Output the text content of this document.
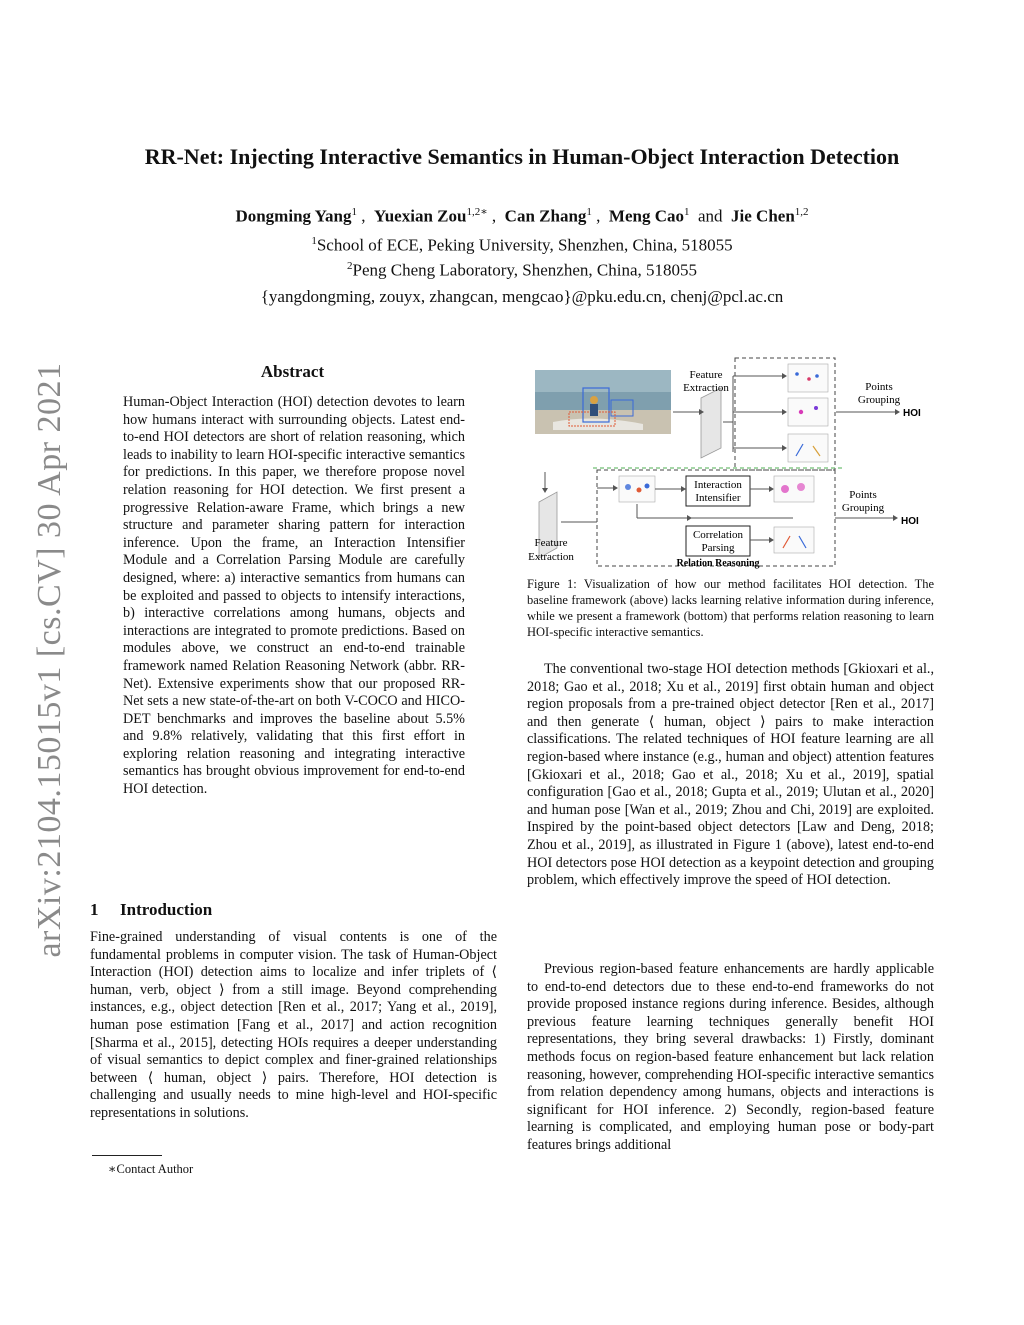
arXiv:2104.15015v1 [cs.CV] 30 Apr 2021
RR-Net: Injecting Interactive Semantics in Human-Object Interaction Detection
Dongming Yang$^1$ , Yuexian Zou$^{1,2∗}$ , Can Zhang$^1$ , Meng Cao$^1$ and Jie Chen$^{1,2}$
$^1$School of ECE, Peking University, Shenzhen, China, 518055
$^2$Peng Cheng Laboratory, Shenzhen, China, 518055
{yangdongming, zouyx, zhangcan, mengcao}@pku.edu.cn, chenj@pcl.ac.cn
Abstract
Human-Object Interaction (HOI) detection devotes to learn how humans interact with surrounding objects. Latest end-to-end HOI detectors are short of relation reasoning, which leads to inability to learn HOI-specific interactive semantics for predictions. In this paper, we therefore propose novel relation reasoning for HOI detection. We first present a progressive Relation-aware Frame, which brings a new structure and parameter sharing pattern for interaction inference. Upon the frame, an Interaction Intensifier Module and a Correlation Parsing Module are carefully designed, where: a) interactive semantics from humans can be exploited and passed to objects to intensify interactions, b) interactive correlations among humans, objects and interactions are integrated to promote predictions. Based on modules above, we construct an end-to-end trainable framework named Relation Reasoning Network (abbr. RR-Net). Extensive experiments show that our proposed RR-Net sets a new state-of-the-art on both V-COCO and HICO-DET benchmarks and improves the baseline about 5.5% and 9.8% relatively, validating that this first effort in exploring relation reasoning and integrating interactive semantics has brought obvious improvement for end-to-end HOI detection.
1 Introduction
Fine-grained understanding of visual contents is one of the fundamental problems in computer vision. The task of Human-Object Interaction (HOI) detection aims to localize and infer triplets of ⟨ human, verb, object ⟩ from a still image. Beyond comprehending instances, e.g., object detection [Ren et al., 2017; Yang et al., 2019], human pose estimation [Fang et al., 2017] and action recognition [Sharma et al., 2015], detecting HOIs requires a deeper understanding of visual semantics to depict complex and finer-grained relationships between ⟨ human, object ⟩ pairs. Therefore, HOI detection is challenging and usually needs to mine high-level and HOI-specific representations in solutions.
∗Contact Author
Feature
Extraction	Points
Grouping
HOI
Feature
Extraction
Interaction
Intensifier
Correlation
Parsing
Relation Reasoning
Points
Grouping
HOI
Figure 1: Visualization of how our method facilitates HOI detection. The baseline framework (above) lacks learning relative information during inference, while we present a framework (bottom) that performs relation reasoning to learn HOI-specific interactive semantics.
The conventional two-stage HOI detection methods [Gkioxari et al., 2018; Gao et al., 2018; Xu et al., 2019] first obtain human and object region proposals from a pre-trained object detector [Ren et al., 2017] and then generate ⟨ human, object ⟩ pairs to make interaction classifications. The related techniques of HOI feature learning are all region-based where instance (e.g., human and object) attention features [Gkioxari et al., 2018; Gao et al., 2018; Xu et al., 2019], spatial configuration [Gao et al., 2018; Gupta et al., 2019; Ulutan et al., 2020] and human pose [Wan et al., 2019; Zhou and Chi, 2019] are exploited. Inspired by the point-based object detectors [Law and Deng, 2018; Zhou et al., 2019], as illustrated in Figure 1 (above), latest end-to-end HOI detectors pose HOI detection as a keypoint detection and grouping problem, which effectively improve the speed of HOI detection.
Previous region-based feature enhancements are hardly applicable to end-to-end detectors due to these end-to-end frameworks do not provide proposed instance regions during inference. Besides, although previous feature learning techniques generally benefit HOI representations, they bring several drawbacks: 1) Firstly, dominant methods focus on region-based feature enhancement but lack relation reasoning, however, comprehending HOI-specific interactive semantics from relation dependency among humans, objects and interactions is significant for HOI inference. 2) Secondly, region-based feature learning is complicated, and employing human pose or body-part features brings additional
